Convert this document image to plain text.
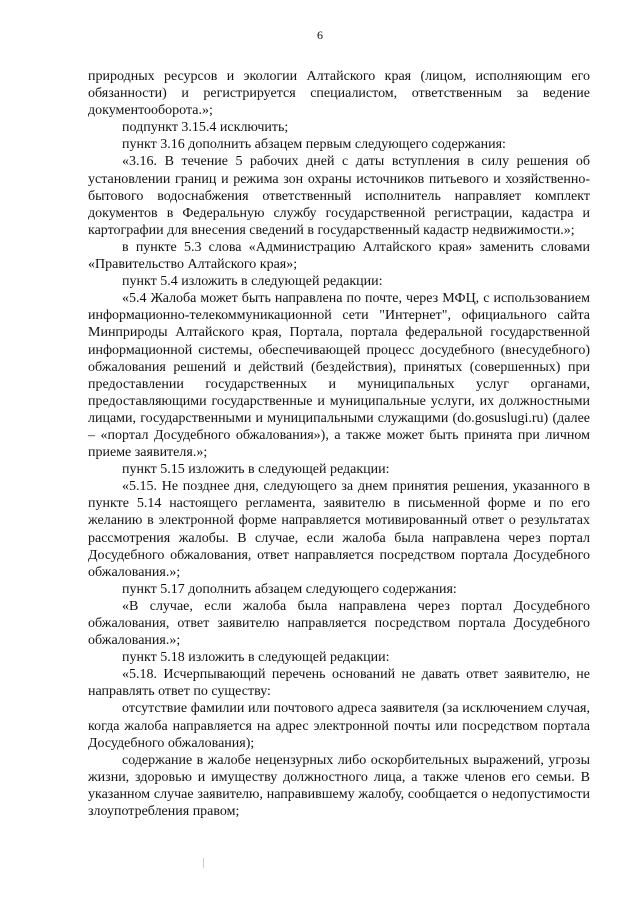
6

природных ресурсов и экологии Алтайского края (лицом, исполняющим его обязанности) и регистрируется специалистом, ответственным за ведение документооборота.»;

подпункт 3.15.4 исключить;

пункт 3.16 дополнить абзацем первым следующего содержания:

«3.16. В течение 5 рабочих дней с даты вступления в силу решения об установлении границ и режима зон охраны источников питьевого и хозяйственно-бытового водоснабжения ответственный исполнитель направляет комплект документов в Федеральную службу государственной регистрации, кадастра и картографии для внесения сведений в государственный кадастр недвижимости.»;

в пункте 5.3 слова «Администрацию Алтайского края» заменить словами «Правительство Алтайского края»;

пункт 5.4 изложить в следующей редакции:

«5.4 Жалоба может быть направлена по почте, через МФЦ, с использованием информационно-телекоммуникационной сети "Интернет", официального сайта Минприроды Алтайского края, Портала, портала федеральной государственной информационной системы, обеспечивающей процесс досудебного (внесудебного) обжалования решений и действий (бездействия), принятых (совершенных) при предоставлении государственных и муниципальных услуг органами, предоставляющими государственные и муниципальные услуги, их должностными лицами, государственными и муниципальными служащими (do.gosuslugi.ru) (далее – «портал Досудебного обжалования»), а также может быть принята при личном приеме заявителя.»;

пункт 5.15 изложить в следующей редакции:

«5.15. Не позднее дня, следующего за днем принятия решения, указанного в пункте 5.14 настоящего регламента, заявителю в письменной форме и по его желанию в электронной форме направляется мотивированный ответ о результатах рассмотрения жалобы. В случае, если жалоба была направлена через портал Досудебного обжалования, ответ направляется посредством портала Досудебного обжалования.»;

пункт 5.17 дополнить абзацем следующего содержания:

«В случае, если жалоба была направлена через портал Досудебного обжалования, ответ заявителю направляется посредством портала Досудебного обжалования.»;

пункт 5.18 изложить в следующей редакции:

«5.18. Исчерпывающий перечень оснований не давать ответ заявителю, не направлять ответ по существу:

отсутствие фамилии или почтового адреса заявителя (за исключением случая, когда жалоба направляется на адрес электронной почты или посредством портала Досудебного обжалования);

содержание в жалобе нецензурных либо оскорбительных выражений, угрозы жизни, здоровью и имуществу должностного лица, а также членов его семьи. В указанном случае заявителю, направившему жалобу, сообщается о недопустимости злоупотребления правом;
